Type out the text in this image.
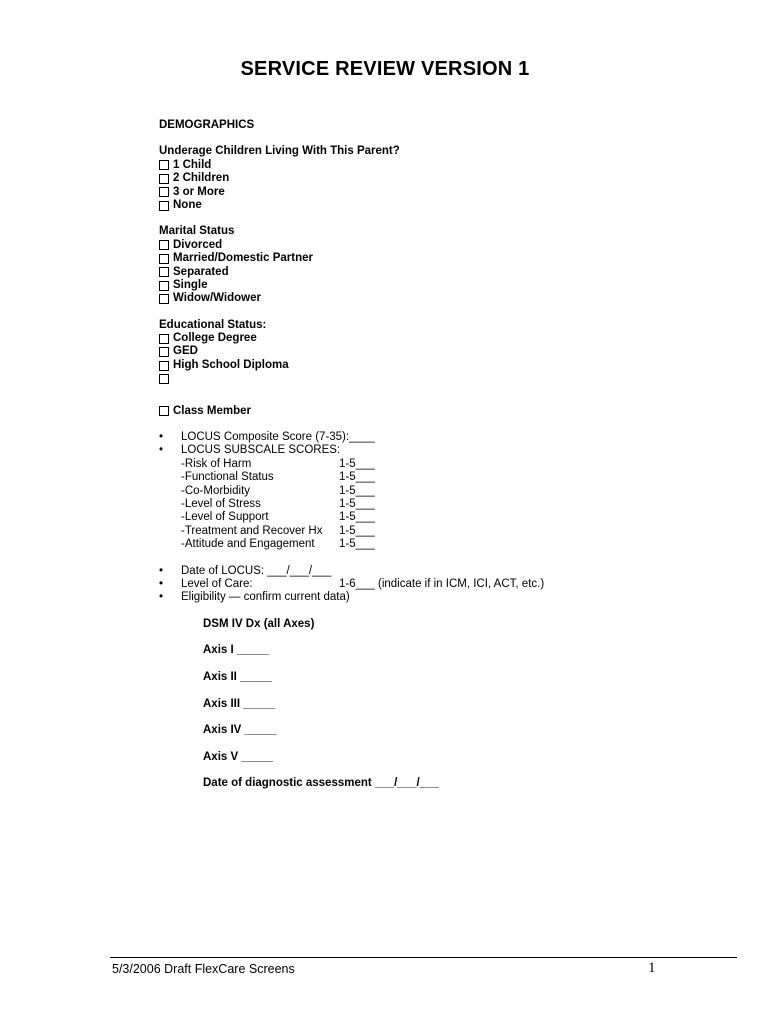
SERVICE REVIEW VERSION 1
DEMOGRAPHICS
Underage Children Living With This Parent?
1 Child
2 Children
3 or More
None
Marital Status
Divorced
Married/Domestic Partner
Separated
Single
Widow/Widower
Educational Status:
College Degree
GED
High School Diploma
Class Member
• LOCUS Composite Score (7-35):____
• LOCUS SUBSCALE SCORES:
-Risk of Harm	1-5___
-Functional Status	1-5___
-Co-Morbidity	1-5___
-Level of Stress	1-5___
-Level of Support	1-5___
-Treatment and Recover Hx 1-5___
-Attitude and Engagement 1-5___
• Date of LOCUS: ___/___/___
• Level of Care:	1-6___ (indicate if in ICM, ICI, ACT, etc.)
• Eligibility — confirm current data)
DSM IV Dx (all Axes)
Axis I _____
Axis II _____
Axis III _____
Axis IV _____
Axis V _____
Date of diagnostic assessment ___/___/___
5/3/2006 Draft FlexCare Screens	1
